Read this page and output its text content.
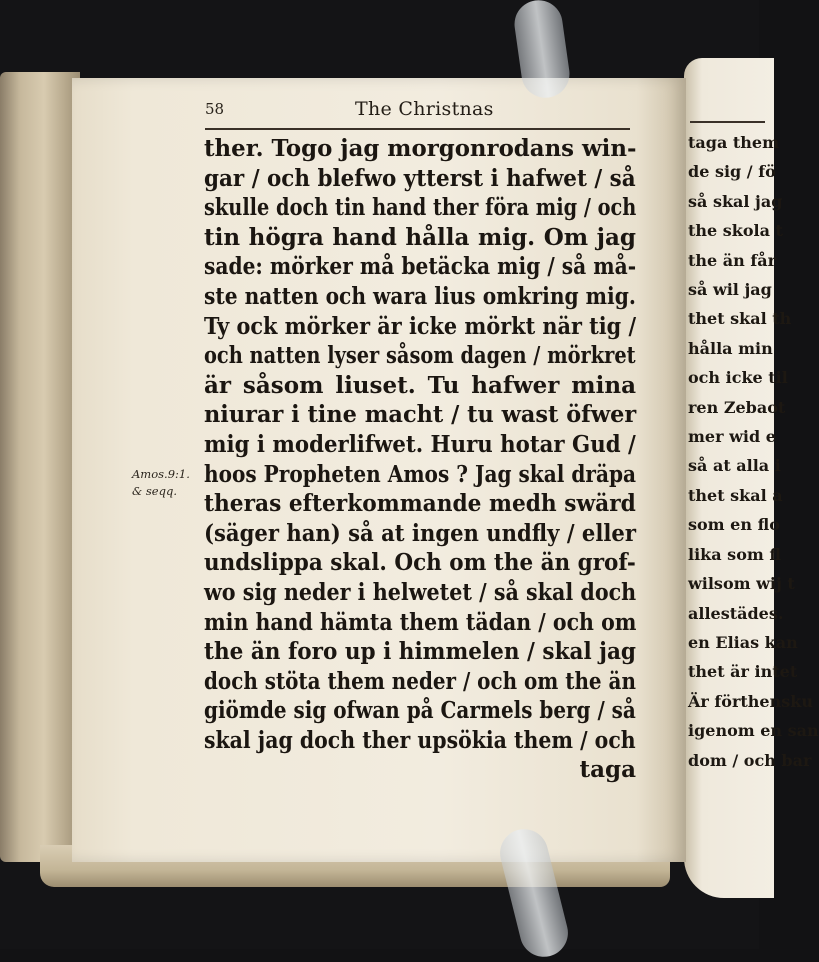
58	The Christnas
Amos.9:1.
& seqq.
ther. Togo jag morgonrodans win-
gar / och blefwo ytterst i hafwet / så
skulle doch tin hand ther föra mig / och
tin högra hand hålla mig. Om jag
sade: mörker må betäcka mig / så må-
ste natten och wara lius omkring mig.
Ty ock mörker är icke mörkt när tig /
och natten lyser såsom dagen / mörkret
är såsom liuset. Tu hafwer mina
niurar i tine macht / tu wast öfwer
mig i moderlifwet. Huru hotar Gud /
hoos Propheten Amos ? Jag skal dräpa
theras efterkommande medh swärd
(säger han) så at ingen undfly / eller
undslippa skal. Och om the än grof-
wo sig neder i helwetet / så skal doch
min hand hämta them tädan / och om
the än foro up i himmelen / skal jag
doch stöta them neder / och om the än
giömde sig ofwan på Carmels berg / så
skal jag doch ther upsökia them / och
taga
taga them
de sig / fö
så skal jag
the skola t
the än får
så wil jag
thet skal th
hålla min
och icke til
ren Zebaot
mer wid e
så at alla i
thet skal a
som en flo
lika som fl
wilsom wij t
allestädes.
en Elias kan
thet är intet
Är förthensku
igenom en san
dom / och bar
